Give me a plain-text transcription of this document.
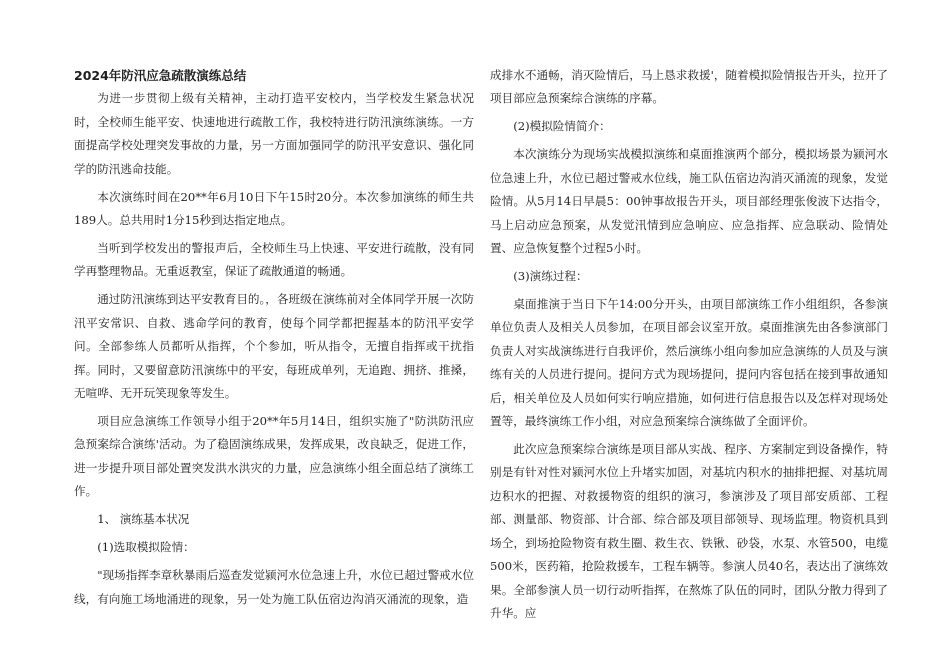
2024年防汛应急疏散演练总结

为进一步贯彻上级有关精神，主动打造平安校内，当学校发生紧急状况时，全校师生能平安、快速地进行疏散工作，我校特进行防汛演练演练。一方面提高学校处理突发事故的力量，另一方面加强同学的防汛平安意识、强化同学的防汛逃命技能。

本次演练时间在20**年6月10日下午15时20分。本次参加演练的师生共189人。总共用时1分15秒到达指定地点。

当听到学校发出的警报声后，全校师生马上快速、平安进行疏散，没有同学再整理物品。无重返教室，保证了疏散通道的畅通。

通过防汛演练到达平安教育目的。，各班级在演练前对全体同学开展一次防汛平安常识、自救、逃命学问的教育，使每个同学都把握基本的防汛平安学问。全部参练人员都听从指挥，个个参加，听从指令，无擅自指挥或干扰指挥。同时，又要留意防汛演练中的平安，每班成单列，无追跑、拥挤、推搡，无喧哗、无开玩笑现象等发生。

项目应急演练工作领导小组于20**年5月14日，组织实施了"防洪防汛应急预案综合演练'活动。为了稳固演练成果，发挥成果，改良缺乏，促进工作，进一步提升项目部处置突发洪水洪灾的力量，应急演练小组全面总结了演练工作。

1、 演练基本状况

(1)选取模拟险情：

"现场指挥李章秋暴雨后巡查发觉颍河水位急速上升，水位已超过警戒水位线，有向施工场地涌进的现象，另一处为施工队伍宿边沟消灭涌流的现象，造

成排水不通畅，消灭险情后，马上恳求救援'，随着模拟险情报告开头，拉开了项目部应急预案综合演练的序幕。

(2)模拟险情简介：

本次演练分为现场实战模拟演练和桌面推演两个部分，模拟场景为颍河水位急速上升，水位已超过警戒水位线，施工队伍宿边沟消灭涌流的现象，发觉险情。从5月14日早晨5：00钟事故报告开头，项目部经理张俊波下达指令，马上启动应急预案，从发觉汛情到应急响应、应急指挥、应急联动、险情处置、应急恢复整个过程5小时。

(3)演练过程：

桌面推演于当日下午14:00分开头，由项目部演练工作小组组织，各参演单位负责人及相关人员参加，在项目部会议室开放。桌面推演先由各参演部门负责人对实战演练进行自我评价，然后演练小组向参加应急演练的人员及与演练有关的人员进行提问。提问方式为现场提问，提问内容包括在接到事故通知后，相关单位及人员如何实行响应措施，如何进行信息报告以及怎样对现场处置等，最终演练工作小组，对应急预案综合演练做了全面评价。

此次应急预案综合演练是项目部从实战、程序、方案制定到设备操作，特别是有针对性对颍河水位上升堵实加固，对基坑内积水的抽排把握、对基坑周边积水的把握、对救援物资的组织的演习，参演涉及了项目部安质部、工程部、测量部、物资部、计合部、综合部及项目部领导、现场监理。物资机具到场仝，到场抢险物资有救生圈、救生衣、铁锹、砂袋，水泵、水管500，电缆500米，医药箱，抢险救援车，工程车辆等。参演人员40名，表达出了演练效果。全部参演人员一切行动听指挥，在熬炼了队伍的同时，团队分散力得到了升华。应
